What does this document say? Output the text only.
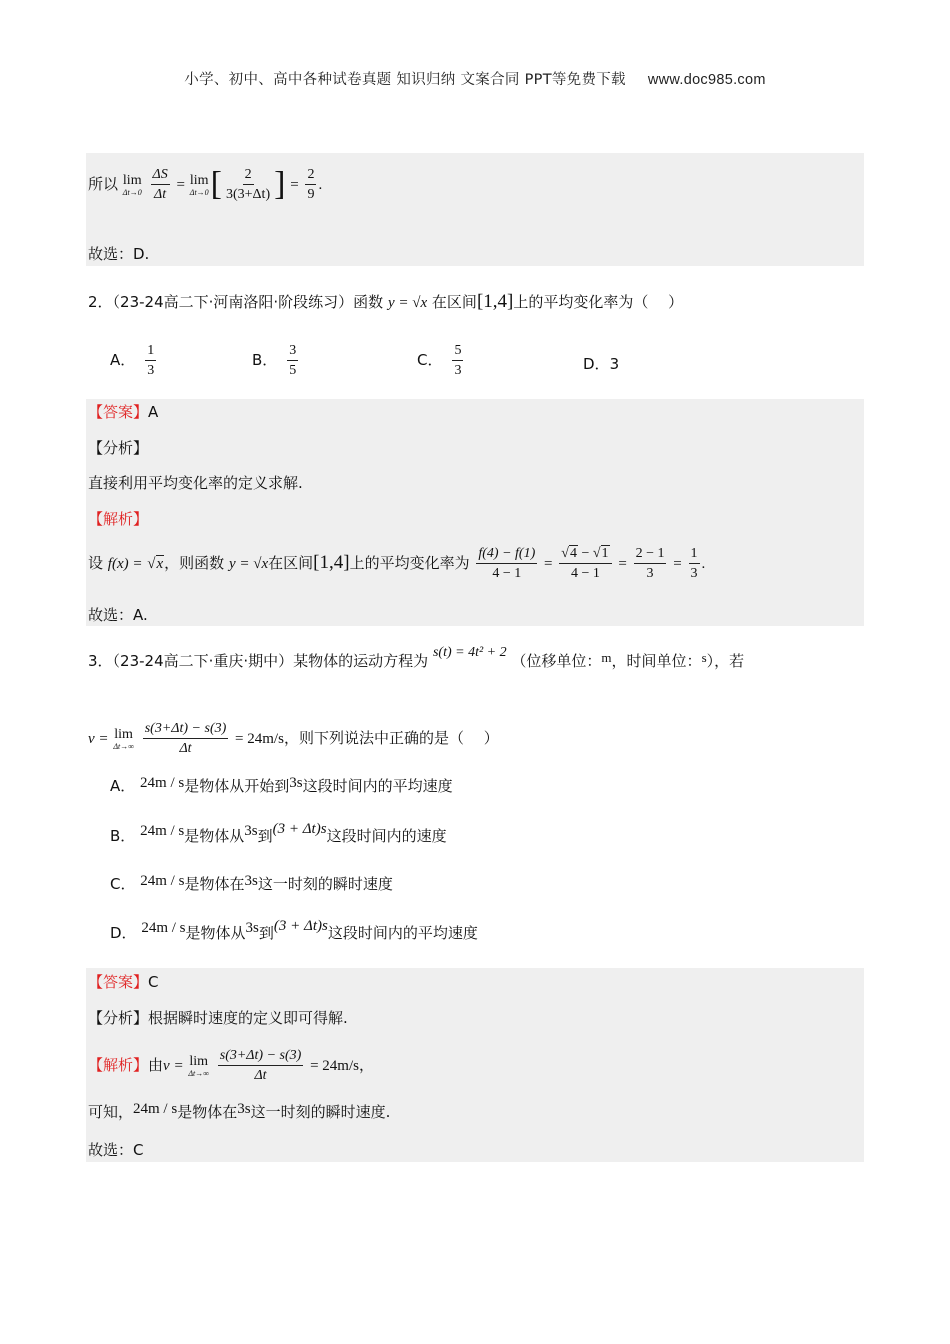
小学、初中、高中各种试卷真题 知识归纳 文案合同 PPT等免费下载 www.doc985.com
所以 lim
Δt→0
$\frac{\Delta S}{\Delta t} = \lim$
Δt→0 [ $\frac{2}{3(3+\Delta t)}$ ] = $\frac{2}{9}$ .
故选：D.
2．（23-24高二下·河南洛阳·阶段练习）函数 y = √x 在区间[1,4]上的平均变化率为（　 ）
A． $\frac{1}{3}$	B． $\frac{3}{5}$	C． $\frac{5}{3}$	D．3
【答案】A
【分析】
直接利用平均变化率的定义求解.
【解析】
设 f(x) = √x，则函数 y = √x在区间[1,4]上的平均变化率为 $\frac{f(4) - f(1)}{4 - 1} = \frac{√4 - √1}{4 - 1} = \frac{2 - 1}{3} = \frac{1}{3}$ .
故选：A.
3．（23-24高二下·重庆·期中）某物体的运动方程为 s(t) = 4t² + 2 （位移单位：m，时间单位：s），若
v = lim
Δt→∞
$\frac{s(3+\Delta t) - s(3)}{\Delta t} = 24m/s$，则下列说法中正确的是（　 ）
A． 24m / s是物体从开始到3s这段时间内的平均速度
B． 24m / s是物体从3s到(3 + Δt)s这段时间内的速度
C． 24m / s是物体在3s这一时刻的瞬时速度
D． 24m / s是物体从3s到(3 + Δt)s这段时间内的平均速度
【答案】C
【分析】根据瞬时速度的定义即可得解.
【解析】由v = lim
Δt→∞
$\frac{s(3+\Delta t) - s(3)}{\Delta t} = 24m/s$，
可知，24m / s是物体在3s这一时刻的瞬时速度.
故选：C
